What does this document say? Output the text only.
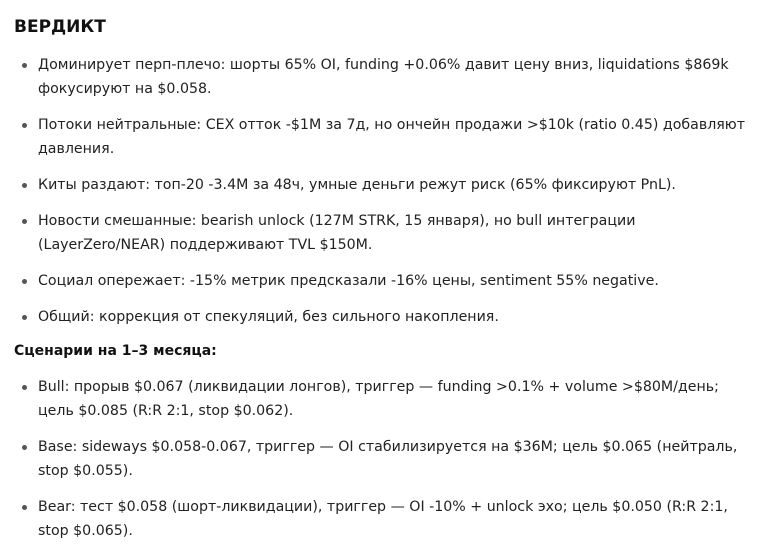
ВЕРДИКТ
Доминирует перп-плечо: шорты 65% OI, funding +0.06% давит цену вниз, liquidations $869k фокусируют на $0.058.
Потоки нейтральные: CEX отток -$1M за 7д, но ончейн продажи >$10k (ratio 0.45) добавляют давления.
Киты раздают: топ-20 -3.4M за 48ч, умные деньги режут риск (65% фиксируют PnL).
Новости смешанные: bearish unlock (127M STRK, 15 января), но bull интеграции (LayerZero/NEAR) поддерживают TVL $150M.
Социал опережает: -15% метрик предсказали -16% цены, sentiment 55% negative.
Общий: коррекция от спекуляций, без сильного накопления.
Сценарии на 1–3 месяца:
Bull: прорыв $0.067 (ликвидации лонгов), триггер — funding >0.1% + volume >$80M/день; цель $0.085 (R:R 2:1, stop $0.062).
Base: sideways $0.058-0.067, триггер — OI стабилизируется на $36M; цель $0.065 (нейтраль, stop $0.055).
Bear: тест $0.058 (шорт-ликвидации), триггер — OI -10% + unlock эхо; цель $0.050 (R:R 2:1, stop $0.065).
